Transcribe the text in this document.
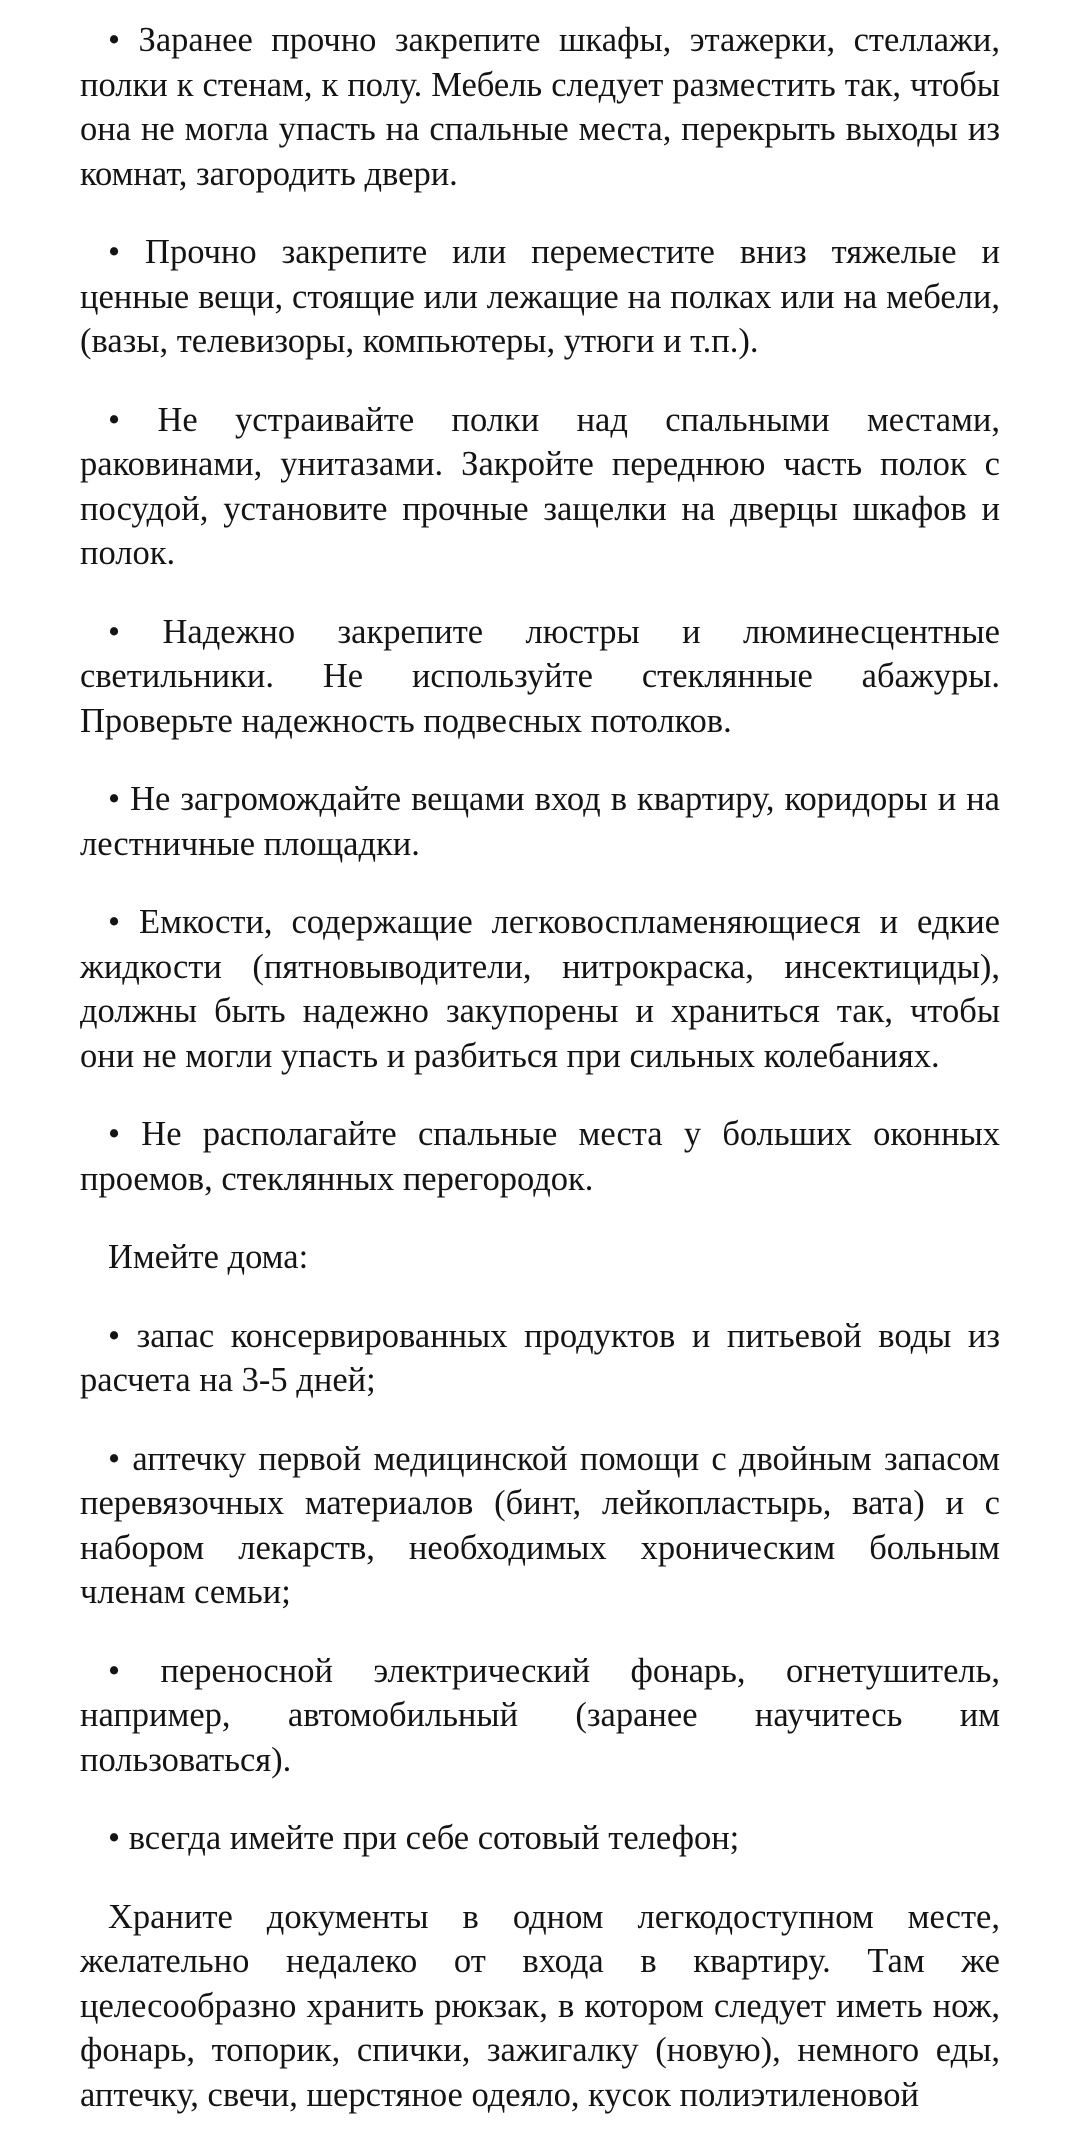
• Заранее прочно закрепите шкафы, этажерки, стеллажи, полки к стенам, к полу. Мебель следует разместить так, чтобы она не могла упасть на спальные места, перекрыть выходы из комнат, загородить двери.

• Прочно закрепите или переместите вниз тяжелые и ценные вещи, стоящие или лежащие на полках или на мебели, (вазы, телевизоры, компьютеры, утюги и т.п.).

• Не устраивайте полки над спальными местами, раковинами, унитазами. Закройте переднюю часть полок с посудой, установите прочные защелки на дверцы шкафов и полок.

• Надежно закрепите люстры и люминесцентные светильники. Не используйте стеклянные абажуры. Проверьте надежность подвесных потолков.

• Не загромождайте вещами вход в квартиру, коридоры и на лестничные площадки.

• Емкости, содержащие легковоспламеняющиеся и едкие жидкости (пятновыводители, нитрокраска, инсектициды), должны быть надежно закупорены и храниться так, чтобы они не могли упасть и разбиться при сильных колебаниях.

• Не располагайте спальные места у больших оконных проемов, стеклянных перегородок.

Имейте дома:

• запас консервированных продуктов и питьевой воды из расчета на 3-5 дней;

• аптечку первой медицинской помощи с двойным запасом перевязочных материалов (бинт, лейкопластырь, вата) и с набором лекарств, необходимых хроническим больным членам семьи;

• переносной электрический фонарь, огнетушитель, например, автомобильный (заранее научитесь им пользоваться).

• всегда имейте при себе сотовый телефон;

Храните документы в одном легкодоступном месте, желательно недалеко от входа в квартиру. Там же целесообразно хранить рюкзак, в котором следует иметь нож, фонарь, топорик, спички, зажигалку (новую), немного еды, аптечку, свечи, шерстяное одеяло, кусок полиэтиленовой
